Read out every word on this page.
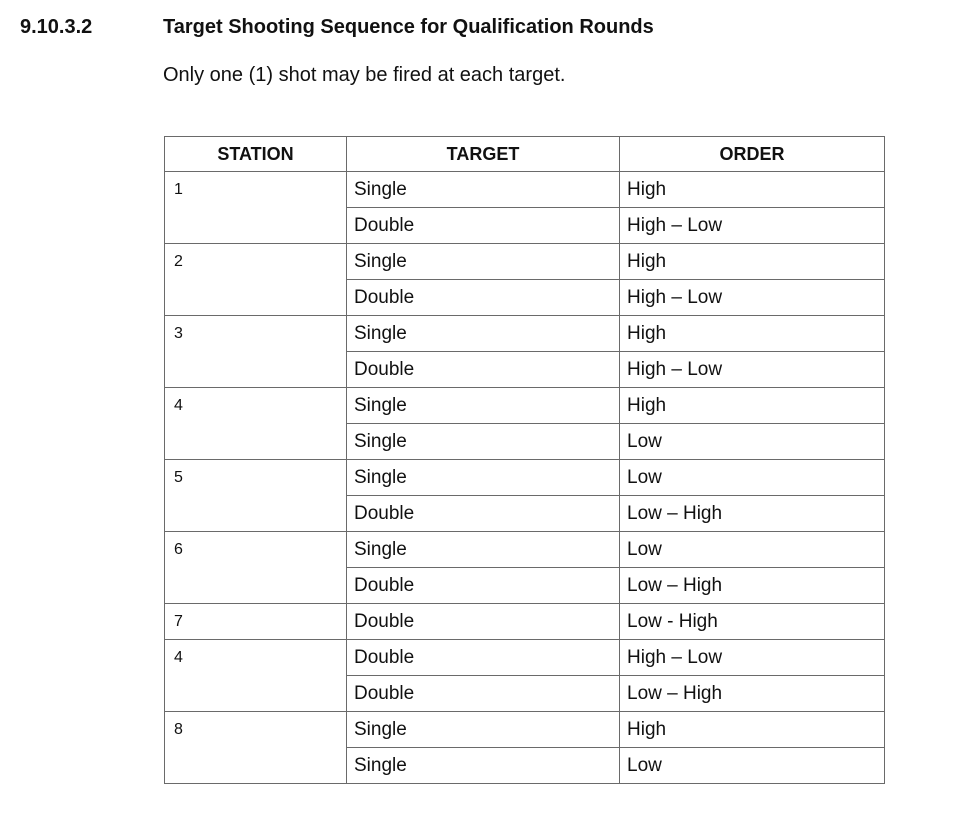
9.10.3.2	Target Shooting Sequence for Qualification Rounds
Only one (1) shot may be fired at each target.
STATION	TARGET	ORDER
1	Single	High
	Double	High – Low
2	Single	High
	Double	High – Low
3	Single	High
	Double	High – Low
4	Single	High
	Single	Low
5	Single	Low
	Double	Low – High
6	Single	Low
	Double	Low – High
7	Double	Low - High
4	Double	High – Low
	Double	Low – High
8	Single	High
	Single	Low
